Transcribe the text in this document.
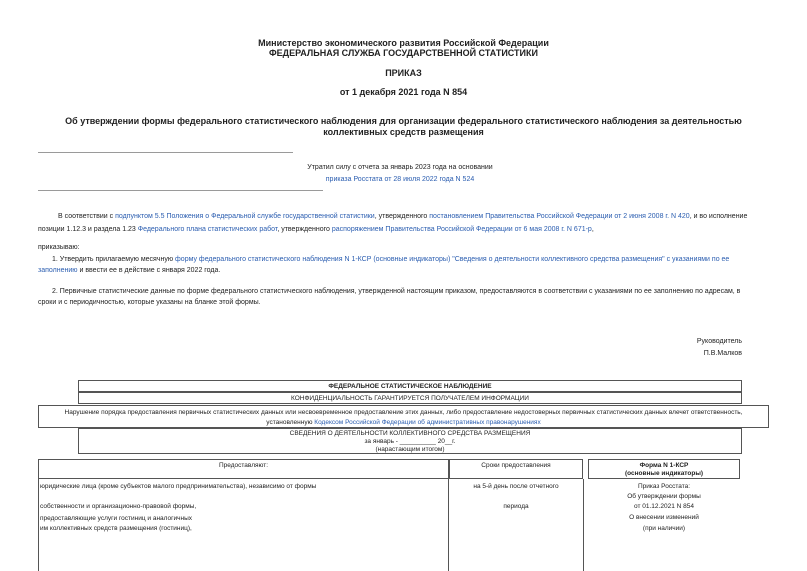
Министерство экономического развития Российской Федерации
ФЕДЕРАЛЬНАЯ СЛУЖБА ГОСУДАРСТВЕННОЙ СТАТИСТИКИ
ПРИКАЗ
от 1 декабря 2021 года N 854
Об утверждении формы федерального статистического наблюдения для организации федерального статистического наблюдения за деятельностью коллективных средств размещения
Утратил силу с отчета за январь 2023 года на основании
приказа Росстата от 28 июля 2022 года N 524
В соответствии с подпунктом 5.5 Положения о Федеральной службе государственной статистики, утвержденного постановлением Правительства Российской Федерации от 2 июня 2008 г. N 420, и во исполнение
позиции 1.12.3 и раздела 1.23 Федерального плана статистических работ, утвержденного распоряжением Правительства Российской Федерации от 6 мая 2008 г. N 671-р,
приказываю:
1. Утвердить прилагаемую месячную форму федерального статистического наблюдения N 1-КСР (основные индикаторы) "Сведения о деятельности коллективного средства размещения" с указаниями по ее
заполнению и ввести ее в действие с января 2022 года.
2. Первичные статистические данные по форме федерального статистического наблюдения, утвержденной настоящим приказом, предоставляются в соответствии с указаниями по ее заполнению по адресам, в
сроки и с периодичностью, которые указаны на бланке этой формы.
Руководитель
П.В.Малков
ФЕДЕРАЛЬНОЕ СТАТИСТИЧЕСКОЕ НАБЛЮДЕНИЕ
КОНФИДЕНЦИАЛЬНОСТЬ ГАРАНТИРУЕТСЯ ПОЛУЧАТЕЛЕМ ИНФОРМАЦИИ
Нарушение порядка предоставления первичных статистических данных или несвоевременное предоставление этих данных, либо предоставление недостоверных первичных статистических данных влечет ответственность,
установленную Кодексом Российской Федерации об административных правонарушениях
СВЕДЕНИЯ О ДЕЯТЕЛЬНОСТИ КОЛЛЕКТИВНОГО СРЕДСТВА РАЗМЕЩЕНИЯ
за январь - __________ 20__г.
(нарастающим итогом)
Предоставляют:	Сроки предоставления	Форма N 1-КСР
(основные индикаторы)
юридические лица (кроме субъектов малого предпринимательства), независимо от формы
собственности и организационно-правовой формы,
предоставляющие услуги гостиниц и аналогичных
им коллективных средств размещения (гостиниц),
на 5-й день после отчетного
периода
Приказ Росстата:
Об утверждении формы
от 01.12.2021 N 854
О внесении изменений
(при наличии)
